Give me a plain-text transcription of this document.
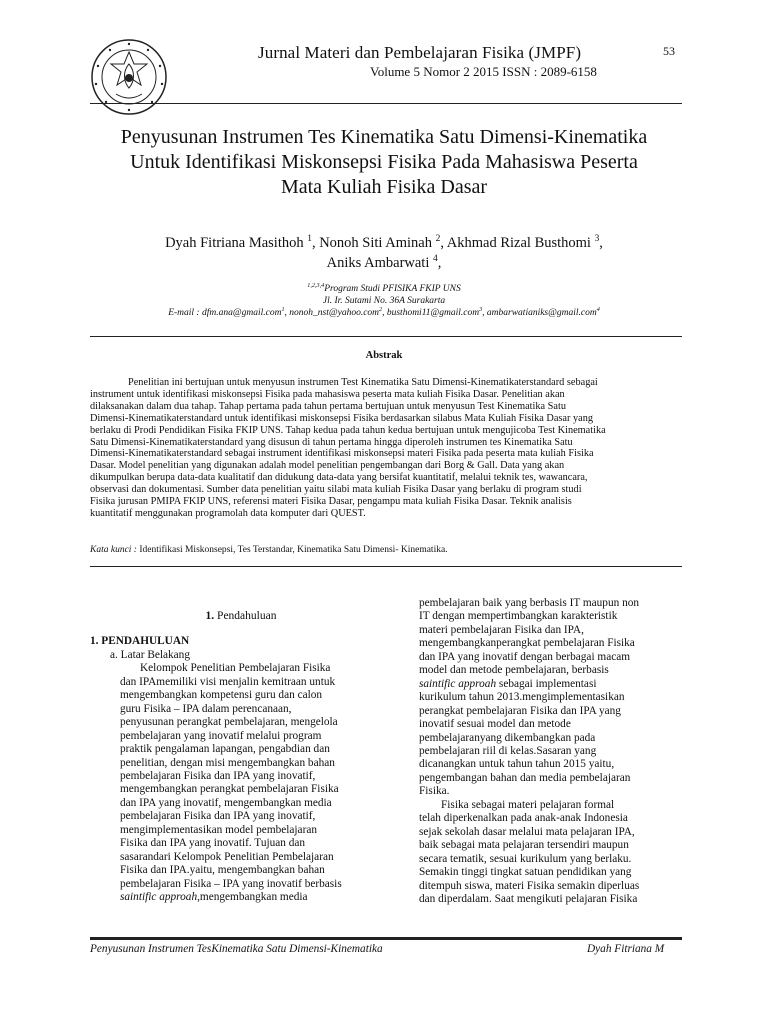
Jurnal Materi dan Pembelajaran Fisika (JMPF)
Volume 5 Nomor 2 2015 ISSN : 2089-6158
53
Penyusunan Instrumen Tes Kinematika Satu Dimensi-Kinematika
Untuk Identifikasi Miskonsepsi Fisika Pada Mahasiswa Peserta
Mata Kuliah Fisika Dasar
Dyah Fitriana Masithoh $^1$, Nonoh Siti Aminah $^2$, Akhmad Rizal Busthomi $^3$,
Aniks Ambarwati $^4$,
$^{1,2,3,4}$Program Studi PFISIKA FKIP UNS
Jl. Ir. Sutami No. 36A Surakarta
E-mail : dfm.ana@gmail.com$^1$, nonoh_nst@yahoo.com$^2$, busthomi11@gmail.com$^3$, ambarwatianiks@gmail.com$^4$
Abstrak
Penelitian ini bertujuan untuk menyusun instrumen Test Kinematika Satu Dimensi-Kinematikaterstandard sebagai
instrument untuk identifikasi miskonsepsi Fisika pada mahasiswa peserta mata kuliah Fisika Dasar. Penelitian akan
dilaksanakan dalam dua tahap. Tahap pertama pada tahun pertama bertujuan untuk menyusun Test Kinematika Satu
Dimensi-Kinematikaterstandard untuk identifikasi miskonsepsi Fisika berdasarkan silabus Mata Kuliah Fisika Dasar yang
berlaku di Prodi Pendidikan Fisika FKIP UNS. Tahap kedua pada tahun kedua bertujuan untuk mengujicoba Test Kinematika
Satu Dimensi-Kinematikaterstandard yang disusun di tahun pertama hingga diperoleh instrumen tes Kinematika Satu
Dimensi-Kinematikaterstandard sebagai instrument identifikasi miskonsepsi materi Fisika pada peserta mata kuliah Fisika
Dasar. Model penelitian yang digunakan adalah model penelitian pengembangan dari Borg & Gall. Data yang akan
dikumpulkan berupa data-data kualitatif dan didukung data-data yang bersifat kuantitatif, melalui teknik tes, wawancara,
observasi dan dokumentasi. Sumber data penelitian yaitu silabi mata kuliah Fisika Dasar yang berlaku di program studi
Fisika jurusan PMIPA FKIP UNS, referensi materi Fisika Dasar, pengampu mata kuliah Fisika Dasar. Teknik analisis
kuantitatif menggunakan programolah data komputer dari QUEST.
Kata kunci : Identifikasi Miskonsepsi, Tes Terstandar, Kinematika Satu Dimensi- Kinematika.
1. Pendahuluan
1. PENDAHULUAN
a. Latar Belakang
Kelompok Penelitian Pembelajaran Fisika
dan IPAmemiliki visi menjalin kemitraan untuk
mengembangkan kompetensi guru dan calon
guru Fisika – IPA dalam perencanaan,
penyusunan perangkat pembelajaran, mengelola
pembelajaran yang inovatif melalui program
praktik pengalaman lapangan, pengabdian dan
penelitian, dengan misi mengembangkan bahan
pembelajaran Fisika dan IPA yang inovatif,
mengembangkan perangkat pembelajaran Fisika
dan IPA yang inovatif, mengembangkan media
pembelajaran Fisika dan IPA yang inovatif,
mengimplementasikan model pembelajaran
Fisika dan IPA yang inovatif. Tujuan dan
sasarandari Kelompok Penelitian Pembelajaran
Fisika dan IPA.yaitu, mengembangkan bahan
pembelajaran Fisika – IPA yang inovatif berbasis
saintific approah,mengembangkan media
pembelajaran baik yang berbasis IT maupun non
IT dengan mempertimbangkan karakteristik
materi pembelajaran Fisika dan IPA,
mengembangkanperangkat pembelajaran Fisika
dan IPA yang inovatif dengan berbagai macam
model dan metode pembelajaran, berbasis
saintific approah sebagai implementasi
kurikulum tahun 2013.mengimplementasikan
perangkat pembelajaran Fisika dan IPA yang
inovatif sesuai model dan metode
pembelajaranyang dikembangkan pada
pembelajaran riil di kelas.Sasaran yang
dicanangkan untuk tahun tahun 2015 yaitu,
pengembangan bahan dan media pembelajaran
Fisika.
Fisika sebagai materi pelajaran formal
telah diperkenalkan pada anak-anak Indonesia
sejak sekolah dasar melalui mata pelajaran IPA,
baik sebagai mata pelajaran tersendiri maupun
secara tematik, sesuai kurikulum yang berlaku.
Semakin tinggi tingkat satuan pendidikan yang
ditempuh siswa, materi Fisika semakin diperluas
dan diperdalam. Saat mengikuti pelajaran Fisika
Penyusunan Instrumen TesKinematika Satu Dimensi-Kinematika	Dyah Fitriana M
